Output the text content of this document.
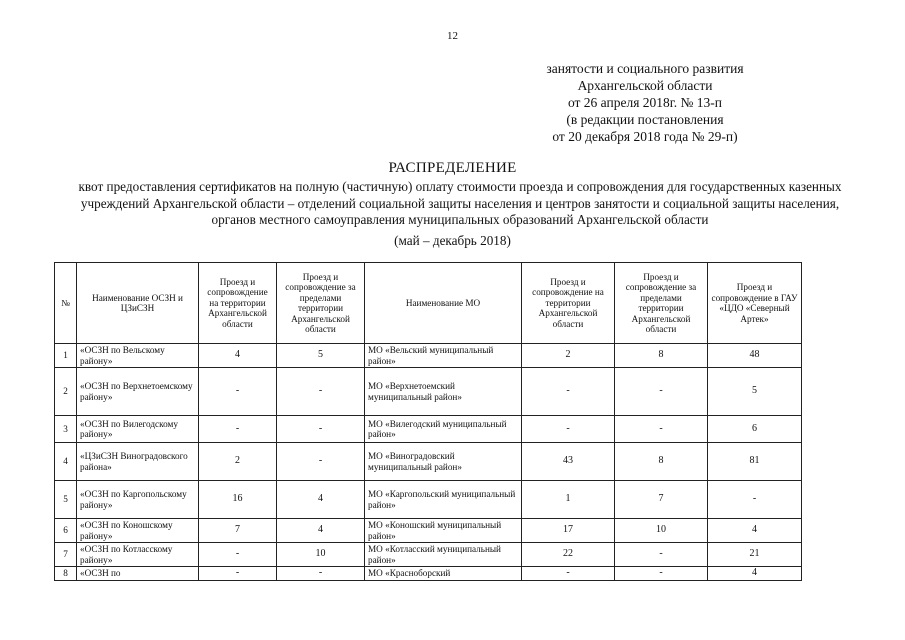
12
занятости и социального развития
Архангельской области
от 26 апреля 2018г. № 13-п
(в редакции постановления
от 20 декабря 2018 года № 29-п)
РАСПРЕДЕЛЕНИЕ
квот предоставления сертификатов на полную (частичную) оплату стоимости проезда и сопровождения для государственных казенных учреждений Архангельской области – отделений социальной защиты населения и центров занятости и социальной защиты населения, органов местного самоуправления муниципальных образований Архангельской области
(май – декабрь 2018)
№	Наименование ОСЗН и ЦЗиСЗН	Проезд и сопровождение на территории Архангельской области	Проезд и сопровождение за пределами территории Архангельской области	Наименование МО	Проезд и сопровождение на территории Архангельской области	Проезд и сопровождение за пределами территории Архангельской области	Проезд и сопровождение в ГАУ «ЦДО «Северный Артек»
1	«ОСЗН по Вельскому району»	4	5	МО «Вельский муниципальный район»	2	8	48
2	«ОСЗН по Верхнетоемскому району»	-	-	МО «Верхнетоемский муниципальный район»	-	-	5
3	«ОСЗН по Вилегодскому району»	-	-	МО «Вилегодский муниципальный район»	-	-	6
4	«ЦЗиСЗН Виноградовского района»	2	-	МО «Виноградовский муниципальный район»	43	8	81
5	«ОСЗН по Каргопольскому району»	16	4	МО «Каргопольский муниципальный район»	1	7	-
6	«ОСЗН по Коношскому району»	7	4	МО «Коношский муниципальный район»	17	10	4
7	«ОСЗН по Котласскому району»	-	10	МО «Котласский муниципальный район»	22	-	21
8	«ОСЗН по	-	-	МО «Красноборский	-	-	4
